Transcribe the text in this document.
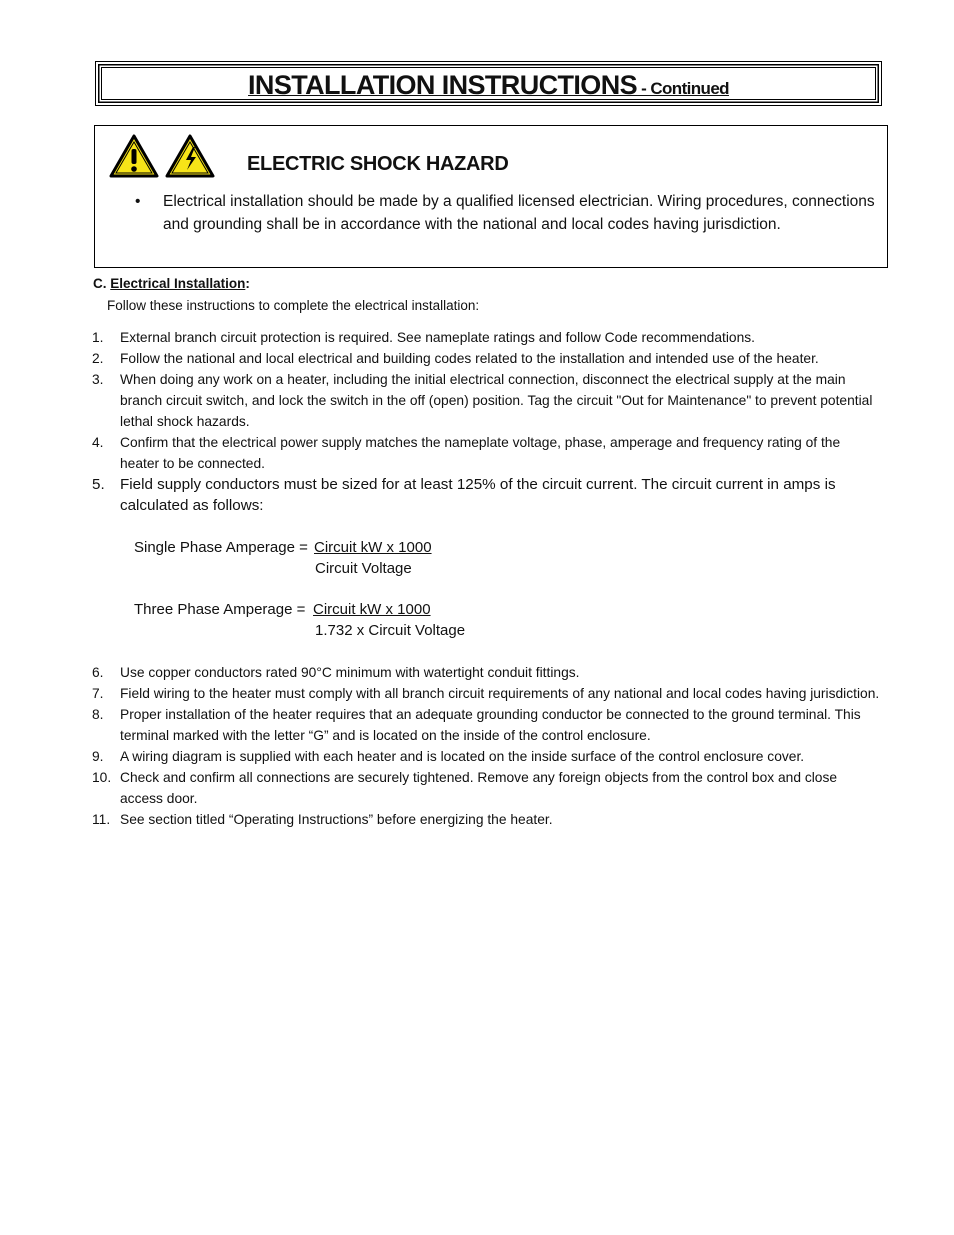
INSTALLATION INSTRUCTIONS - Continued
ELECTRIC SHOCK HAZARD
• Electrical installation should be made by a qualified licensed electrician. Wiring procedures, connections and grounding shall be in accordance with the national and local codes having jurisdiction.
C. Electrical Installation:
Follow these instructions to complete the electrical installation:
1. External branch circuit protection is required. See nameplate ratings and follow Code recommendations.
2. Follow the national and local electrical and building codes related to the installation and intended use of the heater.
3. When doing any work on a heater, including the initial electrical connection, disconnect the electrical supply at the main branch circuit switch, and lock the switch in the off (open) position. Tag the circuit "Out for Maintenance" to prevent potential lethal shock hazards.
4. Confirm that the electrical power supply matches the nameplate voltage, phase, amperage and frequency rating of the heater to be connected.
5. Field supply conductors must be sized for at least 125% of the circuit current. The circuit current in amps is calculated as follows:
Single Phase Amperage = Circuit kW x 1000
Circuit Voltage
Three Phase Amperage = Circuit kW x 1000
1.732 x Circuit Voltage
6. Use copper conductors rated 90°C minimum with watertight conduit fittings.
7. Field wiring to the heater must comply with all branch circuit requirements of any national and local codes having jurisdiction.
8. Proper installation of the heater requires that an adequate grounding conductor be connected to the ground terminal. This terminal marked with the letter “G” and is located on the inside of the control enclosure.
9. A wiring diagram is supplied with each heater and is located on the inside surface of the control enclosure cover.
10. Check and confirm all connections are securely tightened. Remove any foreign objects from the control box and close access door.
11. See section titled “Operating Instructions” before energizing the heater.
